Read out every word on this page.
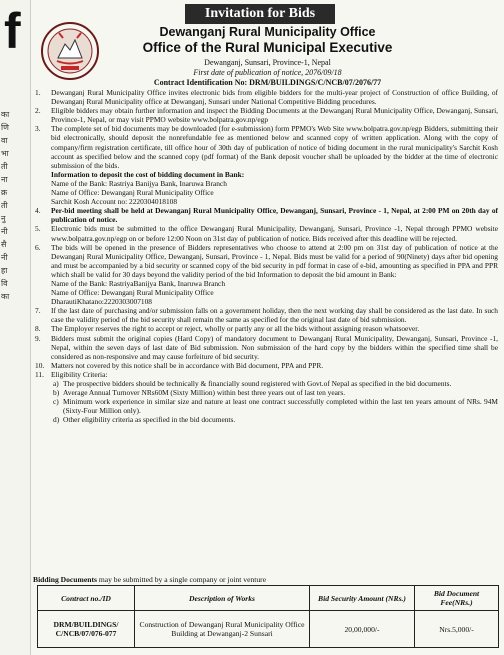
f
का
णि
वा
भा
ती
ना
क्र
ती
नु
नी
सै
नी
हा
वि
का
Invitation for Bids
Dewanganj Rural Municipality Office
Office of the Rural Municipal Executive
Dewanganj, Sunsari, Province-1, Nepal
First date of publication of notice, 2076/09/18
Contract Identification No: DRM/BUILDINGS/C/NCB/07/2076/77
1. Dewanganj Rural Municipality Office invites electronic bids from eligible bidders for the multi-year project of Construction of office Building, of Dewanganj Rural Municipality office at Dewanganj, Sunsari under National Competitive Bidding procedures.

2. Eligible bidders may obtain further information and inspect the Bidding Documents at the Dewanganj Rural Municipality Office, Dewanganj, Sunsari, Province-1, Nepal, or may visit PPMO website www.bolpatra.gov.np/egp

3. The complete set of bid documents may be downloaded (for e-submission) form PPMO's Web Site www.bolpatra.gov.np/egp Bidders, submitting their bid electronically, should deposit the nonrefundable fee as mentioned below and scanned copy of written application. Along with the copy of company/firm registration certificate, till office hour of 30th day of publication of notice of biding document in the rural municipality's Sarchit Kosh account as specified below and the scanned copy (pdf format) of the Bank deposit voucher shall be uploaded by the bidder at the time of electronic submission of the bids.

Information to deposit the cost of bidding document in Bank:

Name of the Bank: Rastriya Banijya Bank, Inaruwa Branch

Name of Office: Dewanganj Rural Municipality Office

Sarchit Kosh Account no: 2220304018108

4. Per-bid meeting shall be held at Dewanganj Rural Municipality Office, Dewanganj, Sunsari, Province - 1, Nepal, at 2:00 PM on 20th day of publication of notice.

5. Electronic bids must be submitted to the office Dewanganj Rural Municipality, Dewanganj, Sunsari, Province -1, Nepal through PPMO website www.bolpatra.gov.np/egp on or before 12:00 Noon on 31st day of publication of notice. Bids received after this deadline will be rejected.

6. The bids will be opened in the presence of Bidders representatives who choose to attend at 2:00 pm on 31st day of publication of notice at the Dewanganj Rural Municipality Office, Dewanganj, Sunsari, Province - 1, Nepal. Bids must be valid for a period of 90(Ninety) days after bid opening and must be accompanied by a bid security or scanned copy of the bid security in pdf format in case of e-bid, amounting as specified in PPA and PPR which shall be valid for 30 days beyond the validity period of the bid Information to deposit the bid amount in Bank:

Name of the Bank: RastriyaBanijya Bank, Inaruwa Branch

Name of Office: Dewanganj Rural Municipality Office

DharautiKhatano:2220303007108

7. If the last date of purchasing and/or submission falls on a government holiday, then the next working day shall be considered as the last date. In such case the validity period of the bid security shall remain the same as specified for the original last date of bid submission.

8. The Employer reserves the right to accept or reject, wholly or partly any or all the bids without assigning reason whatsoever.

9. Bidders must submit the original copies (Hard Copy) of mandatory document to Dewanganj Rural Municipality, Dewanganj, Sunsari, Province -1, Nepal, within the seven days of last date of Bid submission. Non submission of the hard copy by the bidders within the specified time shall be considered as non-responsive and may cause forfeiture of bid security.

10. Matters not covered by this notice shall be in accordance with Bid document, PPA and PPR.

11. Eligibility Criteria:

a) The prospective bidders should be technically & financially sound registered with Govt.of Nepal as specified in the bid documents.

b) Average Annual Turnover NRs60M (Sixty Million) within best three years out of last ten years.

c) Minimum work experience in similar size and nature at least one contract successfully completed within the last ten years amount of NRs. 94M (Sixty-Four Million only).

d) Other eligibility criteria as specified in the bid documents.

Bidding Documents may be submitted by a single company or joint venture
Contract no./ID	Description of Works	Bid Security Amount (NRs.)	Bid Document Fee(NRs.)
DRM/BUILDINGS/ C/NCB/07/076-077	Construction of Dewanganj Rural Municipality Office Building at Dewanganj-2 Sunsari	20,00,000/-	Nrs.5,000/-
